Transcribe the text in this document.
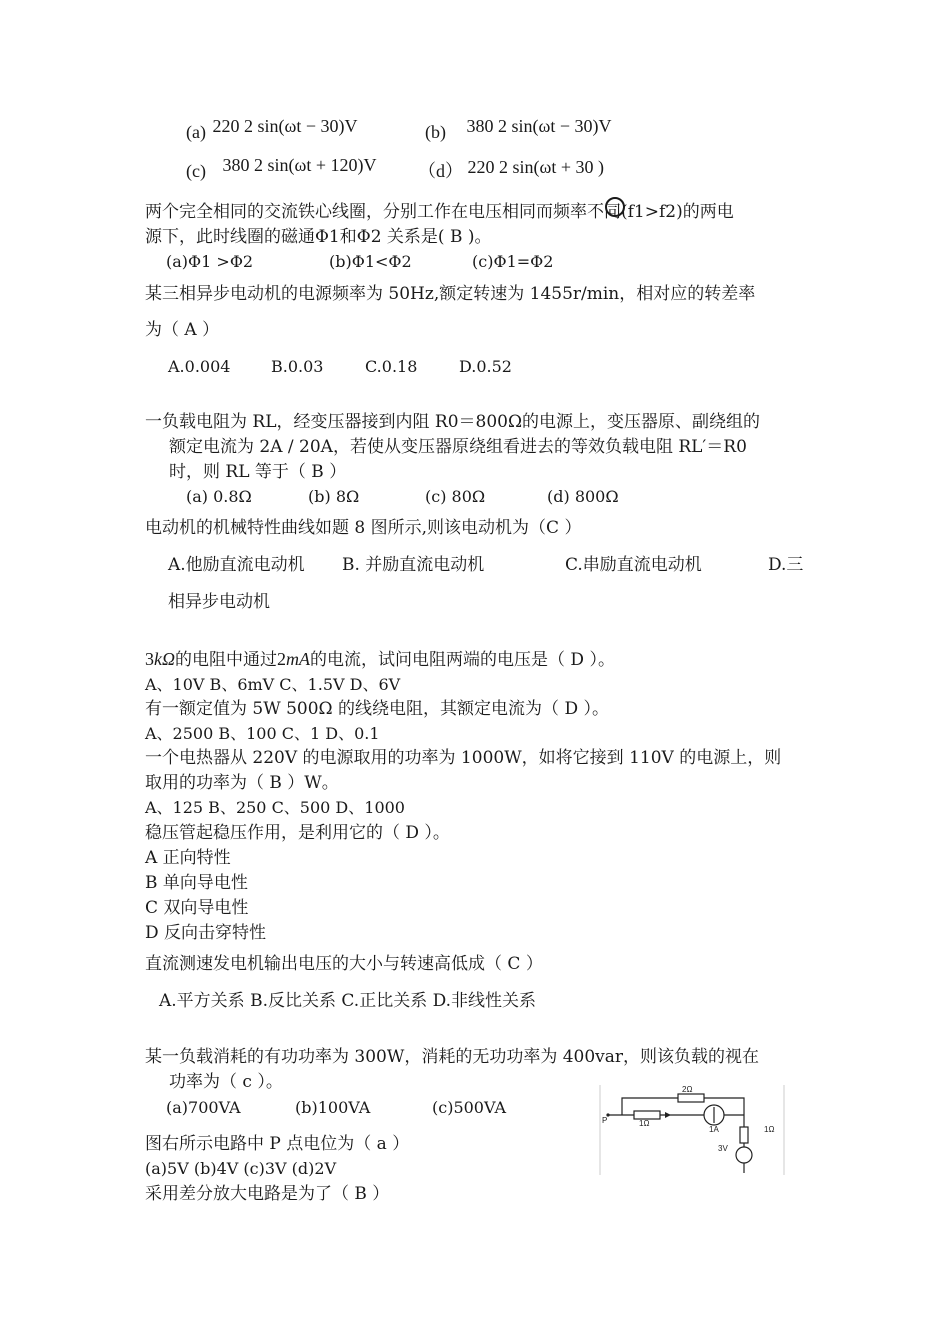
(a) 220 2 sin(ωt − 30)V	(b) 380 2 sin(ωt − 30)V
(c) 380 2 sin(ωt + 120)V （d） 220 2 sin(ωt + 30 )
两个完全相同的交流铁心线圈，分别工作在电压相同而频率不同(f1>f2)的两电
源下，此时线圈的磁通Φ1和Φ2 关系是( B )。
(a)Φ1 >Φ2	(b)Φ1<Φ2	(c)Φ1=Φ2
某三相异步电动机的电源频率为 50Hz,额定转速为 1455r/min，相对应的转差率
为（ A ）
A.0.004	B.0.03	C.0.18	D.0.52
一负载电阻为 RL，经变压器接到内阻 R0＝800Ω的电源上，变压器原、副绕组的
额定电流为 2A / 20A，若使从变压器原绕组看进去的等效负载电阻 RL′＝R0
时，则 RL 等于（ B ）
(a) 0.8Ω	(b) 8Ω	(c) 80Ω	(d) 800Ω
电动机的机械特性曲线如题 8 图所示,则该电动机为（C ）
A.他励直流电动机 B. 并励直流电动机	C.串励直流电动机	D.三
相异步电动机
3kΩ的电阻中通过2mA的电流，试问电阻两端的电压是（ D ）。
A、10V B、6mV C、1.5V D、6V
有一额定值为 5W 500Ω 的线绕电阻，其额定电流为（ D ）。
A、2500 B、100 C、1 D、0.1
一个电热器从 220V 的电源取用的功率为 1000W，如将它接到 110V 的电源上，则
取用的功率为（ B ）W。
A、125 B、250 C、500 D、1000
稳压管起稳压作用，是利用它的（ D ）。
A 正向特性
B 单向导电性
C 双向导电性
D 反向击穿特性
直流测速发电机输出电压的大小与转速高低成（ C ）
A.平方关系 B.反比关系 C.正比关系 D.非线性关系
某一负载消耗的有功功率为 300W，消耗的无功功率为 400var，则该负载的视在
功率为（ c ）。
(a)700VA	(b)100VA	(c)500VA
图右所示电路中 P 点电位为（ a ）
(a)5V (b)4V (c)3V (d)2V
采用差分放大电路是为了（ B ）
2Ω
1Ω
1Ω
P
1A
3V
